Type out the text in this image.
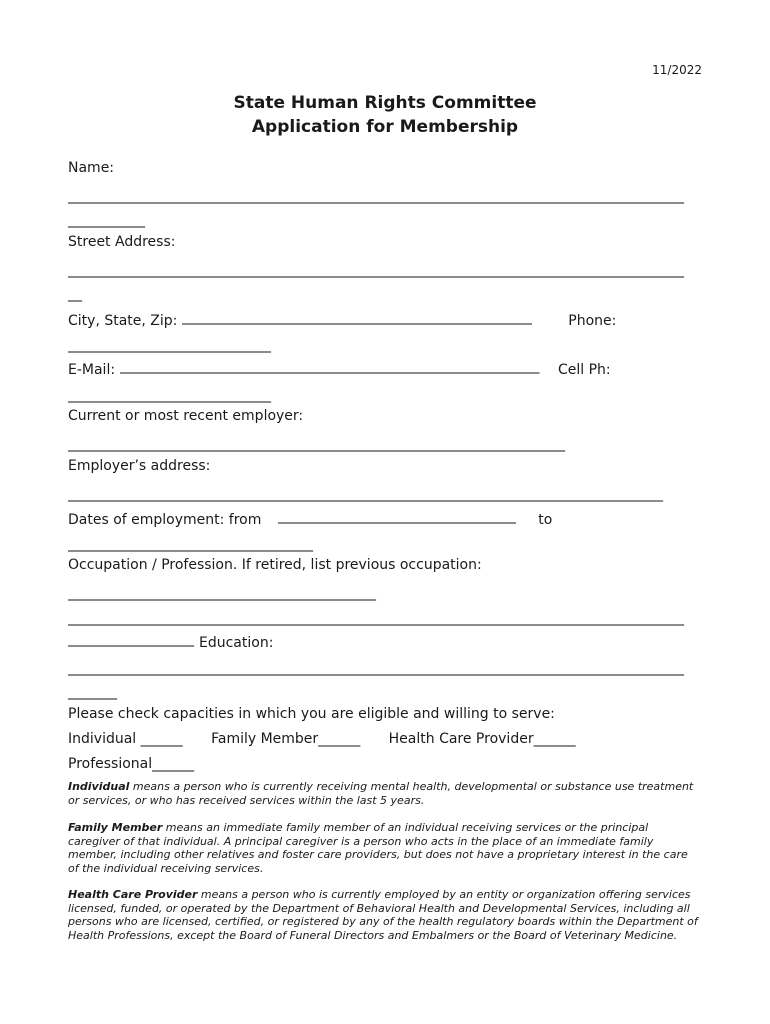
11/2022
State Human Rights Committee
Application for Membership
Name:
________________________________________________________________________________________
___________
Street Address:
________________________________________________________________________________________
__
City, State, Zip: __________________________________________________	Phone:
_____________________________
E-Mail: ____________________________________________________________ Cell Ph:
_____________________________
Current or most recent employer:
_______________________________________________________________________
Employer’s address:
_____________________________________________________________________________________
Dates of employment: from __________________________________ to
___________________________________
Occupation / Profession. If retired, list previous occupation:
____________________________________________
________________________________________________________________________________________
__________________ Education:
________________________________________________________________________________________
_______
Please check capacities in which you are eligible and willing to serve:
Individual ______ Family Member______ Health Care Provider______
Professional______
Individual means a person who is currently receiving mental health, developmental or substance use treatment or services, or who has received services within the last 5 years.
Family Member means an immediate family member of an individual receiving services or the principal caregiver of that individual. A principal caregiver is a person who acts in the place of an immediate family member, including other relatives and foster care providers, but does not have a proprietary interest in the care of the individual receiving services.
Health Care Provider means a person who is currently employed by an entity or organization offering services licensed, funded, or operated by the Department of Behavioral Health and Developmental Services, including all persons who are licensed, certified, or registered by any of the health regulatory boards within the Department of Health Professions, except the Board of Funeral Directors and Embalmers or the Board of Veterinary Medicine.
